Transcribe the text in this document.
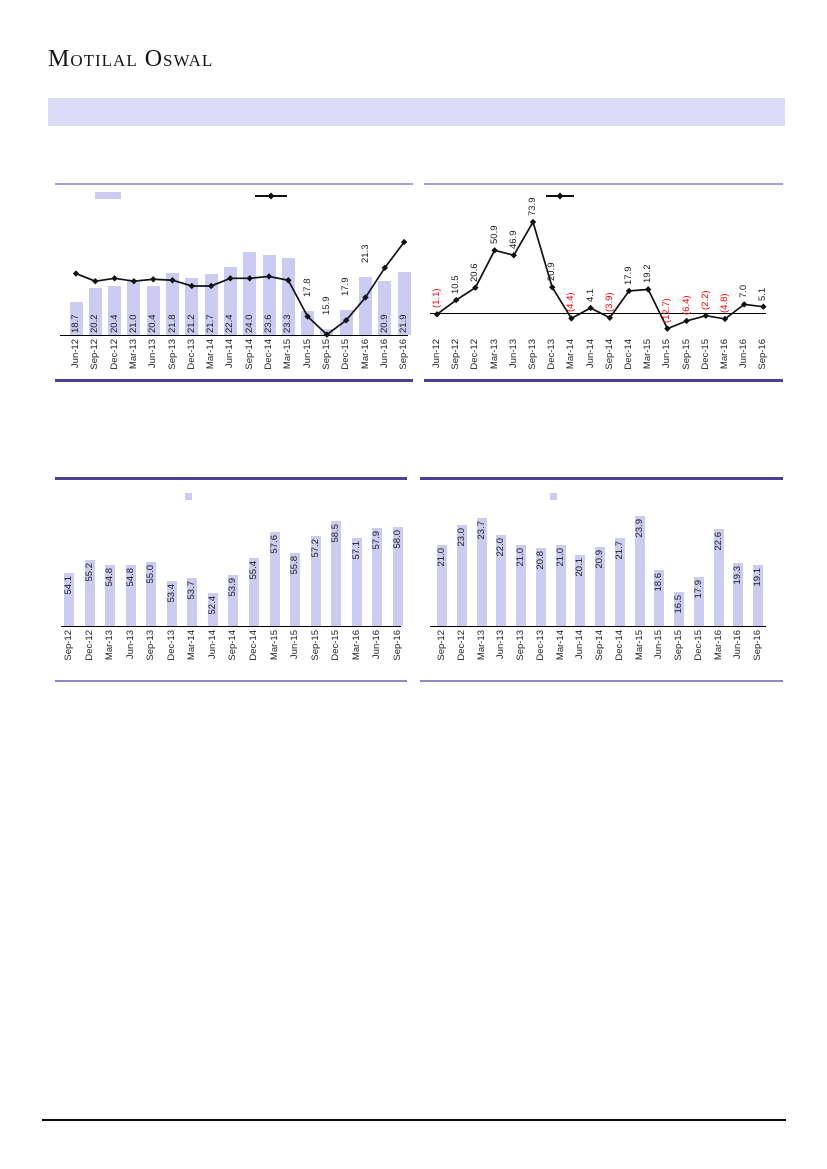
Motilal Oswal
Jun-12 Sep-12 Dec-12 Mar-13 Jun-13 Sep-13 Dec-13 Mar-14 Jun-14 Sep-14 Dec-14 Mar-15 Jun-15 Sep-15 Dec-15 Mar-16 Jun-16 Sep-16
18.7 20.2 20.4 21.0 20.4 21.8 21.2 21.7 22.4 24.0 23.6 23.3
17.8
15.9
17.9
21.3
20.9 21.9
Jun-12 Sep-12 Dec-12 Mar-13 Jun-13 Sep-13 Dec-13 Mar-14 Jun-14 Sep-14 Dec-14 Mar-15 Jun-15 Sep-15 Dec-15 Mar-16 Jun-16 Sep-16
(1.1)
10.5
20.6
50.9 46.9
73.9
20.9
(4.4) 4.1 (3.9)
17.9 19.2
(12.7) (6.4) (2.2) (4.8)
7.0 5.1
Sep-12 Dec-12 Mar-13 Jun-13 Sep-13 Dec-13 Mar-14 Jun-14 Sep-14 Dec-14 Mar-15 Jun-15 Sep-15 Dec-15 Mar-16 Jun-16 Sep-16
54.1
55.2 54.8 54.8 55.0
53.4 53.7
52.4
53.9
55.4
57.6
55.8
57.2
58.5
57.1
57.9 58.0
Sep-12 Dec-12 Mar-13 Jun-13 Sep-13 Dec-13 Mar-14 Jun-14 Sep-14 Dec-14 Mar-15 Jun-15 Sep-15 Dec-15 Mar-16 Jun-16 Sep-16
21.0
23.0 23.7
22.0
21.0 20.8 21.0 20.1 20.9 21.7
23.9
18.6
16.5
17.9
22.6
19.3 19.1
